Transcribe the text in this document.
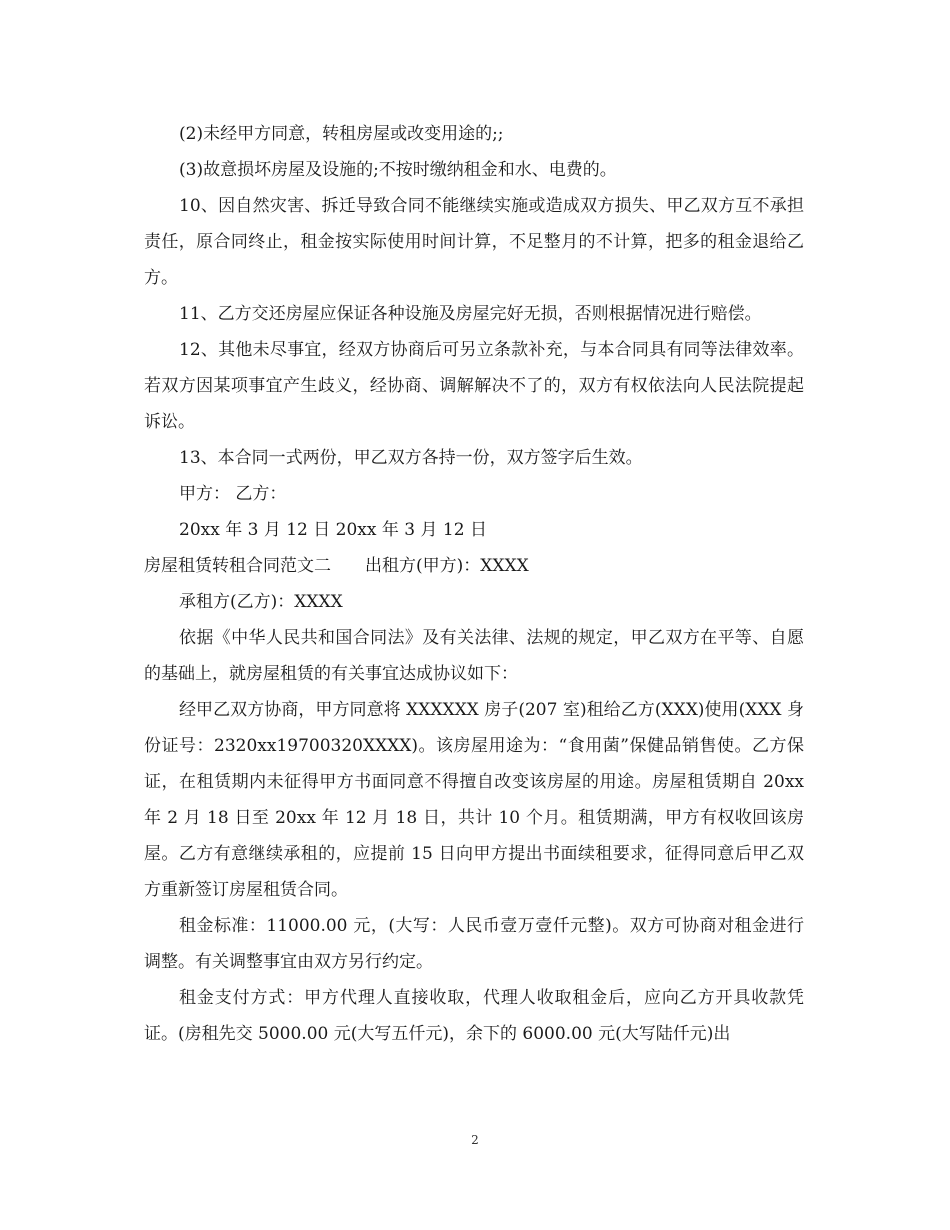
(2)未经甲方同意，转租房屋或改变用途的;;

(3)故意损坏房屋及设施的;不按时缴纳租金和水、电费的。

10、因自然灾害、拆迁导致合同不能继续实施或造成双方损失、甲乙双方互不承担责任，原合同终止，租金按实际使用时间计算，不足整月的不计算，把多的租金退给乙方。

11、乙方交还房屋应保证各种设施及房屋完好无损，否则根据情况进行赔偿。

12、其他未尽事宜，经双方协商后可另立条款补充，与本合同具有同等法律效率。若双方因某项事宜产生歧义，经协商、调解解决不了的，双方有权依法向人民法院提起诉讼。

13、本合同一式两份，甲乙双方各持一份，双方签字后生效。

甲方： 乙方：

20xx 年 3 月 12 日 20xx 年 3 月 12 日

房屋租赁转租合同范文二 出租方(甲方)：XXXX

承租方(乙方)：XXXX

依据《中华人民共和国合同法》及有关法律、法规的规定，甲乙双方在平等、自愿的基础上，就房屋租赁的有关事宜达成协议如下：

经甲乙双方协商，甲方同意将 XXXXXX 房子(207 室)租给乙方(XXX)使用(XXX 身份证号：2320xx19700320XXXX)。该房屋用途为：“食用菌”保健品销售使。乙方保证，在租赁期内未征得甲方书面同意不得擅自改变该房屋的用途。房屋租赁期自 20xx 年 2 月 18 日至 20xx 年 12 月 18 日，共计 10 个月。租赁期满，甲方有权收回该房屋。乙方有意继续承租的，应提前 15 日向甲方提出书面续租要求，征得同意后甲乙双方重新签订房屋租赁合同。

租金标准：11000.00 元，(大写：人民币壹万壹仟元整)。双方可协商对租金进行调整。有关调整事宜由双方另行约定。

租金支付方式：甲方代理人直接收取，代理人收取租金后，应向乙方开具收款凭证。(房租先交 5000.00 元(大写五仟元)，余下的 6000.00 元(大写陆仟元)出

2
